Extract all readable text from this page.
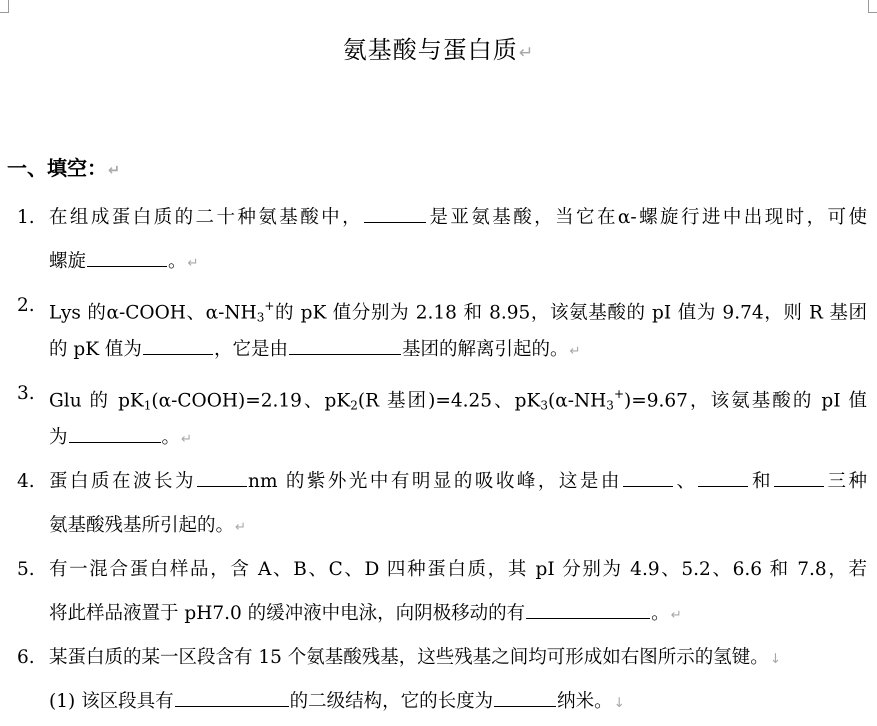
氨基酸与蛋白质↵
一、填空：↵
1. 在组成蛋白质的二十种氨基酸中，	是亚氨基酸，当它在α-螺旋行进中出现时，可使
螺旋	。↵
2. Lys 的α-COOH、$\alpha-NH_3^+$的 pK 值分别为 2.18 和 8.95，该氨基酸的 pI 值为 9.74，则 R 基团
的 pK 值为	，它是由	基团的解离引起的。↵
3. Glu 的 $pK_1(\alpha-COOH)=2.19$、$pK_2(R$ 基团)=4.25、$pK_3(\alpha-NH_3^+)=9.67$，该氨基酸的 pI 值
为	。↵
4. 蛋白质在波长为	nm 的紫外光中有明显的吸收峰，这是由	、	和	三种
氨基酸残基所引起的。↵
5. 有一混合蛋白样品，含 A、B、C、D 四种蛋白质，其 pI 分别为 4.9、5.2、6.6 和 7.8，若
将此样品液置于 pH7.0 的缓冲液中电泳，向阴极移动的有	。↵
6. 某蛋白质的某一区段含有 15 个氨基酸残基，这些残基之间均可形成如右图所示的氢键。↓
(1) 该区段具有	的二级结构，它的长度为	纳米。↓
